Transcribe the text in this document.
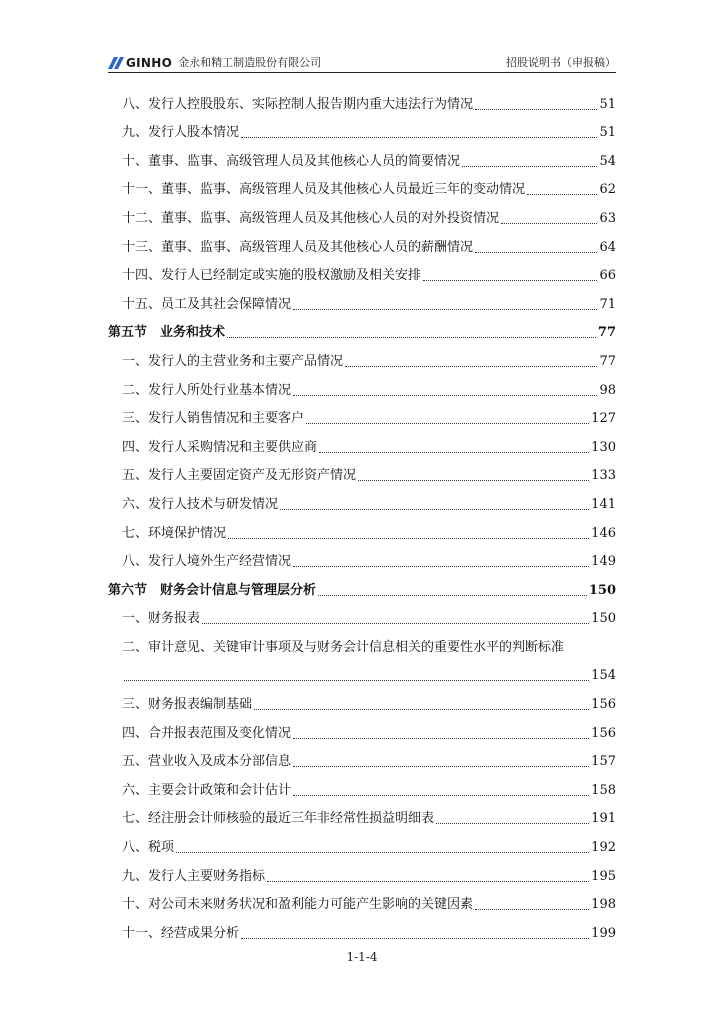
GINHO 金永和精工制造股份有限公司	招股说明书（申报稿）
八、发行人控股股东、实际控制人报告期内重大违法行为情况	51
九、发行人股本情况	51
十、董事、监事、高级管理人员及其他核心人员的简要情况	54
十一、董事、监事、高级管理人员及其他核心人员最近三年的变动情况	62
十二、董事、监事、高级管理人员及其他核心人员的对外投资情况	63
十三、董事、监事、高级管理人员及其他核心人员的薪酬情况	64
十四、发行人已经制定或实施的股权激励及相关安排	66
十五、员工及其社会保障情况	71
第五节　业务和技术	77
一、发行人的主营业务和主要产品情况	77
二、发行人所处行业基本情况	98
三、发行人销售情况和主要客户	127
四、发行人采购情况和主要供应商	130
五、发行人主要固定资产及无形资产情况	133
六、发行人技术与研发情况	141
七、环境保护情况	146
八、发行人境外生产经营情况	149
第六节　财务会计信息与管理层分析	150
一、财务报表	150
二、审计意见、关键审计事项及与财务会计信息相关的重要性水平的判断标准
154
三、财务报表编制基础	156
四、合并报表范围及变化情况	156
五、营业收入及成本分部信息	157
六、主要会计政策和会计估计	158
七、经注册会计师核验的最近三年非经常性损益明细表	191
八、税项	192
九、发行人主要财务指标	195
十、对公司未来财务状况和盈利能力可能产生影响的关键因素	198
十一、经营成果分析	199
1-1-4
